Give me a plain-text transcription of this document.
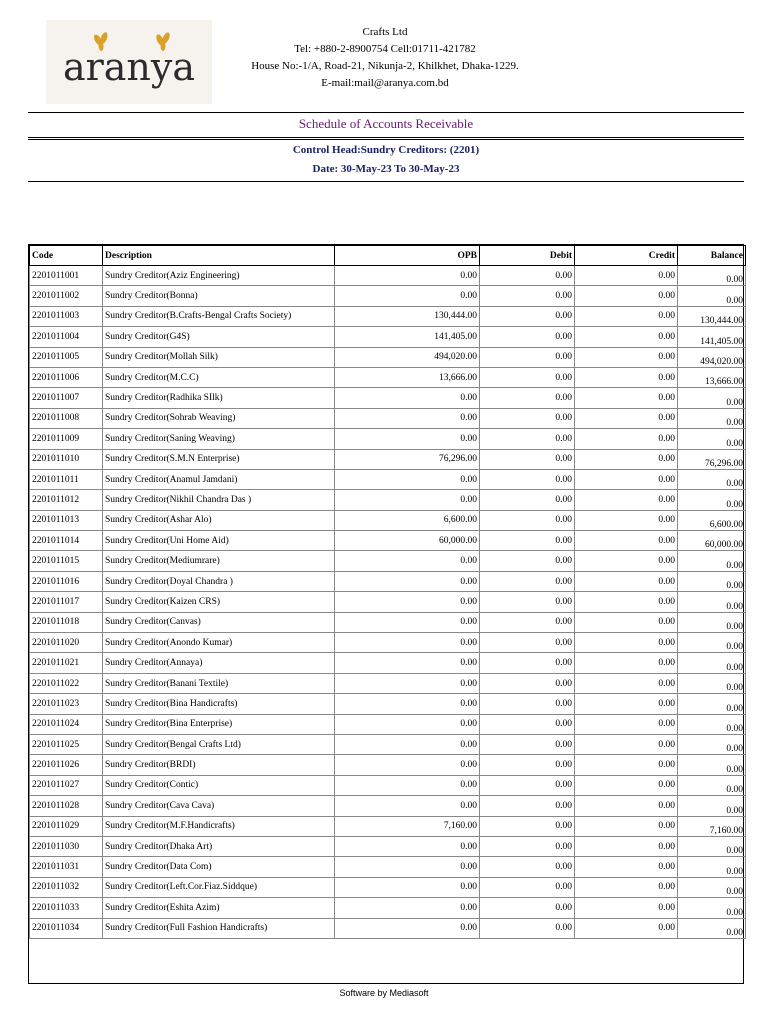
aranya
Crafts Ltd
Tel: +880-2-8900754 Cell:01711-421782
House No:-1/A, Road-21, Nikunja-2, Khilkhet, Dhaka-1229.
E-mail:mail@aranya.com.bd
Schedule of Accounts Receivable
Control Head:Sundry Creditors: (2201)
Date: 30-May-23 To 30-May-23
Code	Description	OPB	Debit	Credit	Balance
2201011001	Sundry Creditor(Aziz Engineering)	0.00	0.00	0.00	0.00
2201011002	Sundry Creditor(Bonna)	0.00	0.00	0.00	0.00
2201011003	Sundry Creditor(B.Crafts-Bengal Crafts Society)	130,444.00	0.00	0.00	130,444.00
2201011004	Sundry Creditor(G4S)	141,405.00	0.00	0.00	141,405.00
2201011005	Sundry Creditor(Mollah Silk)	494,020.00	0.00	0.00	494,020.00
2201011006	Sundry Creditor(M.C.C)	13,666.00	0.00	0.00	13,666.00
2201011007	Sundry Creditor(Radhika SIlk)	0.00	0.00	0.00	0.00
2201011008	Sundry Creditor(Sohrab Weaving)	0.00	0.00	0.00	0.00
2201011009	Sundry Creditor(Saning Weaving)	0.00	0.00	0.00	0.00
2201011010	Sundry Creditor(S.M.N Enterprise)	76,296.00	0.00	0.00	76,296.00
2201011011	Sundry Creditor(Anamul Jamdani)	0.00	0.00	0.00	0.00
2201011012	Sundry Creditor(Nikhil Chandra Das )	0.00	0.00	0.00	0.00
2201011013	Sundry Creditor(Ashar Alo)	6,600.00	0.00	0.00	6,600.00
2201011014	Sundry Creditor(Uni Home Aid)	60,000.00	0.00	0.00	60,000.00
2201011015	Sundry Creditor(Mediumrare)	0.00	0.00	0.00	0.00
2201011016	Sundry Creditor(Doyal Chandra )	0.00	0.00	0.00	0.00
2201011017	Sundry Creditor(Kaizen CRS)	0.00	0.00	0.00	0.00
2201011018	Sundry Creditor(Canvas)	0.00	0.00	0.00	0.00
2201011020	Sundry Creditor(Anondo Kumar)	0.00	0.00	0.00	0.00
2201011021	Sundry Creditor(Annaya)	0.00	0.00	0.00	0.00
2201011022	Sundry Creditor(Banani Textile)	0.00	0.00	0.00	0.00
2201011023	Sundry Creditor(Bina Handicrafts)	0.00	0.00	0.00	0.00
2201011024	Sundry Creditor(Bina Enterprise)	0.00	0.00	0.00	0.00
2201011025	Sundry Creditor(Bengal Crafts Ltd)	0.00	0.00	0.00	0.00
2201011026	Sundry Creditor(BRDI)	0.00	0.00	0.00	0.00
2201011027	Sundry Creditor(Contic)	0.00	0.00	0.00	0.00
2201011028	Sundry Creditor(Cava Cava)	0.00	0.00	0.00	0.00
2201011029	Sundry Creditor(M.F.Handicrafts)	7,160.00	0.00	0.00	7,160.00
2201011030	Sundry Creditor(Dhaka Art)	0.00	0.00	0.00	0.00
2201011031	Sundry Creditor(Data Com)	0.00	0.00	0.00	0.00
2201011032	Sundry Creditor(Left.Cor.Fiaz.Siddque)	0.00	0.00	0.00	0.00
2201011033	Sundry Creditor(Eshita Azim)	0.00	0.00	0.00	0.00
2201011034	Sundry Creditor(Full Fashion Handicrafts)	0.00	0.00	0.00	0.00
Software by Mediasoft
